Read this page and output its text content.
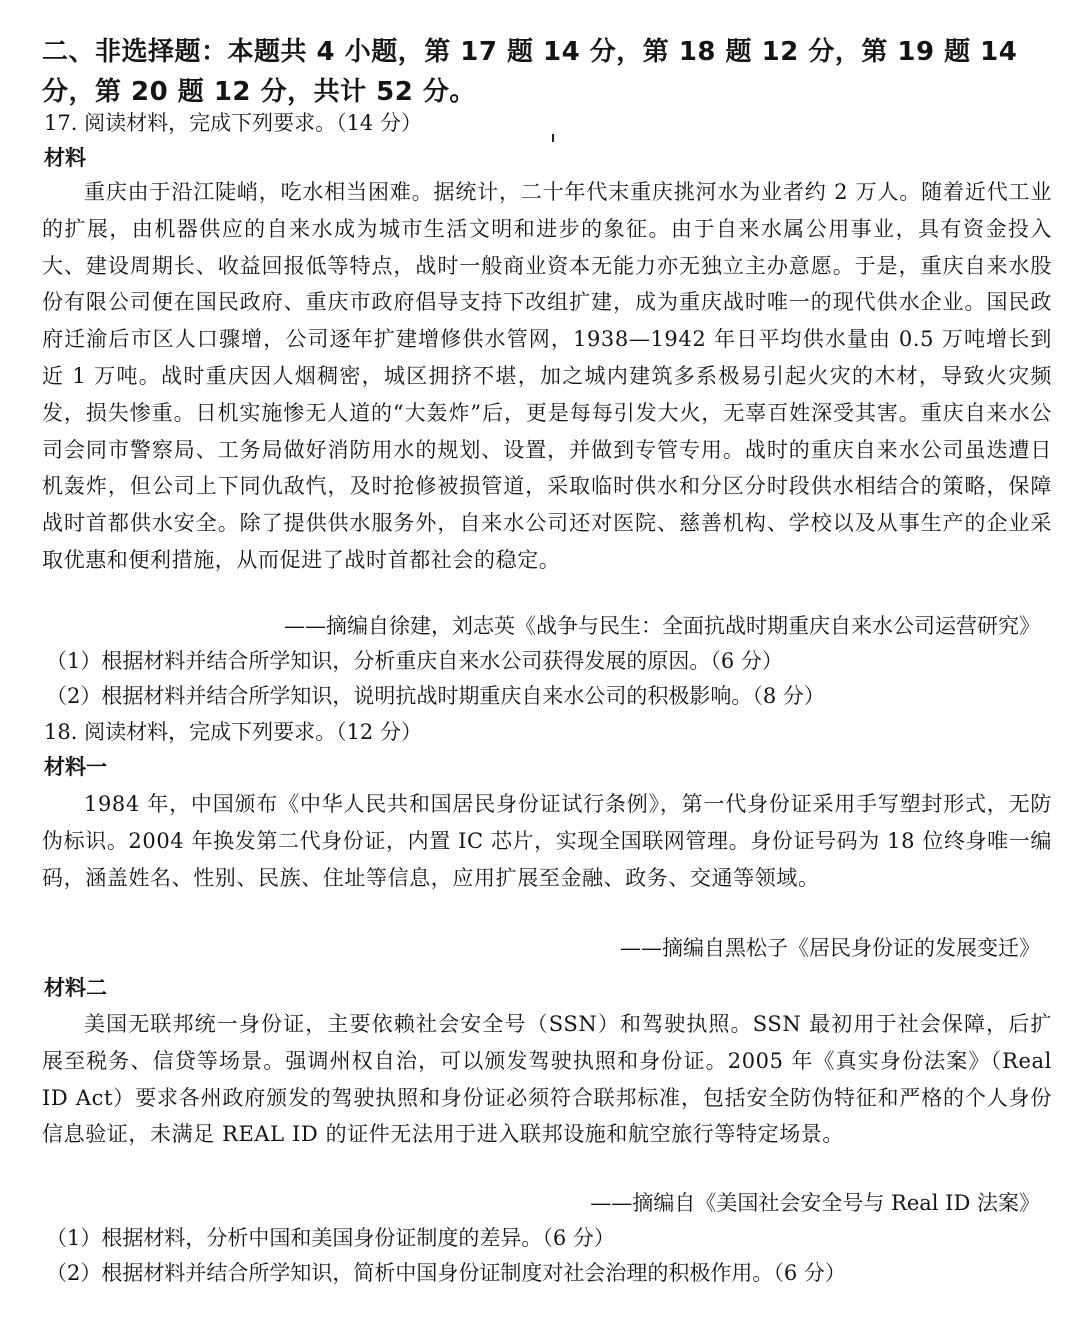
二、非选择题：本题共 4 小题，第 17 题 14 分，第 18 题 12 分，第 19 题 14 分，第 20 题 12 分，共计 52 分。
17. 阅读材料，完成下列要求。（14 分）
材料
重庆由于沿江陡峭，吃水相当困难。据统计，二十年代末重庆挑河水为业者约 2 万人。随着近代工业的扩展，由机器供应的自来水成为城市生活文明和进步的象征。由于自来水属公用事业，具有资金投入大、建设周期长、收益回报低等特点，战时一般商业资本无能力亦无独立主办意愿。于是，重庆自来水股份有限公司便在国民政府、重庆市政府倡导支持下改组扩建，成为重庆战时唯一的现代供水企业。国民政府迁渝后市区人口骤增，公司逐年扩建增修供水管网，1938—1942 年日平均供水量由 0.5 万吨增长到近 1 万吨。战时重庆因人烟稠密，城区拥挤不堪，加之城内建筑多系极易引起火灾的木材，导致火灾频发，损失惨重。日机实施惨无人道的“大轰炸”后，更是每每引发大火，无辜百姓深受其害。重庆自来水公司会同市警察局、工务局做好消防用水的规划、设置，并做到专管专用。战时的重庆自来水公司虽迭遭日机轰炸，但公司上下同仇敌忾，及时抢修被损管道，采取临时供水和分区分时段供水相结合的策略，保障战时首都供水安全。除了提供供水服务外，自来水公司还对医院、慈善机构、学校以及从事生产的企业采取优惠和便利措施，从而促进了战时首都社会的稳定。
——摘编自徐建，刘志英《战争与民生：全面抗战时期重庆自来水公司运营研究》
（1）根据材料并结合所学知识，分析重庆自来水公司获得发展的原因。（6 分）
（2）根据材料并结合所学知识，说明抗战时期重庆自来水公司的积极影响。（8 分）
18. 阅读材料，完成下列要求。（12 分）
材料一
1984 年，中国颁布《中华人民共和国居民身份证试行条例》，第一代身份证采用手写塑封形式，无防伪标识。2004 年换发第二代身份证，内置 IC 芯片，实现全国联网管理。身份证号码为 18 位终身唯一编码，涵盖姓名、性别、民族、住址等信息，应用扩展至金融、政务、交通等领域。
——摘编自黑松子《居民身份证的发展变迁》
材料二
美国无联邦统一身份证，主要依赖社会安全号（SSN）和驾驶执照。SSN 最初用于社会保障，后扩展至税务、信贷等场景。强调州权自治，可以颁发驾驶执照和身份证。2005 年《真实身份法案》（Real ID Act）要求各州政府颁发的驾驶执照和身份证必须符合联邦标准，包括安全防伪特征和严格的个人身份信息验证，未满足 REAL ID 的证件无法用于进入联邦设施和航空旅行等特定场景。
——摘编自《美国社会安全号与 Real ID 法案》
（1）根据材料，分析中国和美国身份证制度的差异。（6 分）
（2）根据材料并结合所学知识，简析中国身份证制度对社会治理的积极作用。（6 分）
